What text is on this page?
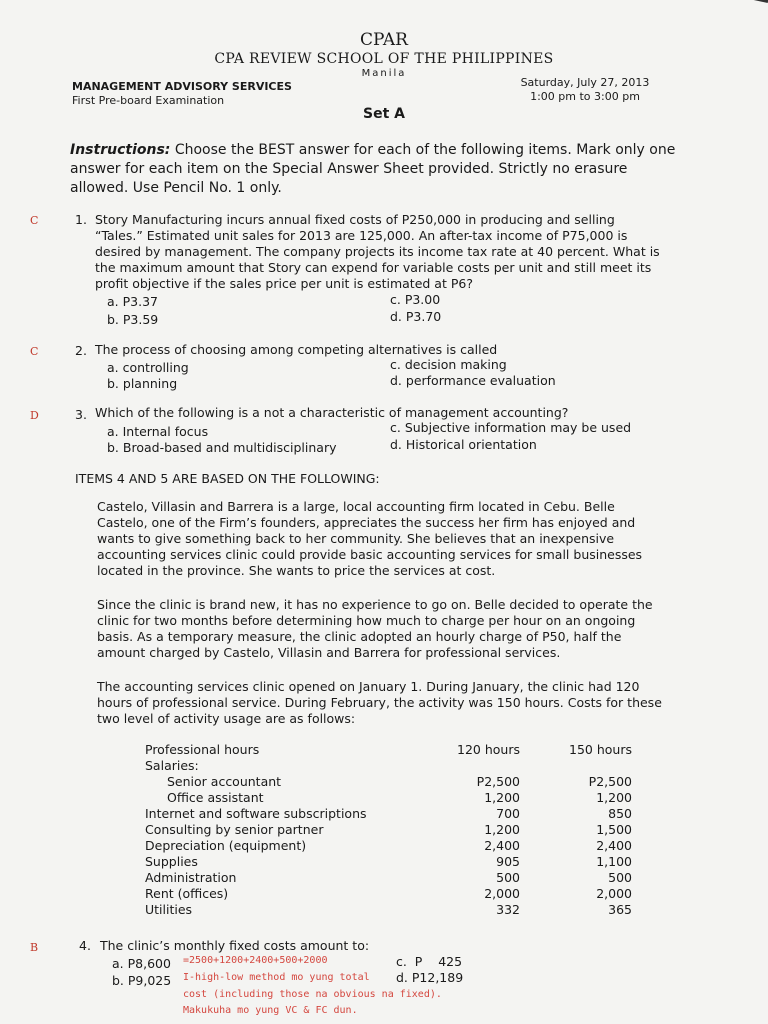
CPAR
CPA REVIEW SCHOOL OF THE PHILIPPINES
Manila
MANAGEMENT ADVISORY SERVICES
First Pre-board Examination
Saturday, July 27, 2013
1:00 pm to 3:00 pm
Set A
Instructions: Choose the BEST answer for each of the following items. Mark only one answer for each item on the Special Answer Sheet provided. Strictly no erasure allowed. Use Pencil No. 1 only.
C	1. Story Manufacturing incurs annual fixed costs of P250,000 in producing and selling “Tales.” Estimated unit sales for 2013 are 125,000. An after-tax income of P75,000 is desired by management. The company projects its income tax rate at 40 percent. What is the maximum amount that Story can expend for variable costs per unit and still meet its profit objective if the sales price per unit is estimated at P6?
a. P3.37
b. P3.59
c. P3.00
d. P3.70
C	2. The process of choosing among competing alternatives is called
a. controlling
b. planning
c. decision making
d. performance evaluation
D	3. Which of the following is a not a characteristic of management accounting?
a. Internal focus
b. Broad-based and multidisciplinary
c. Subjective information may be used
d. Historical orientation
ITEMS 4 AND 5 ARE BASED ON THE FOLLOWING:
Castelo, Villasin and Barrera is a large, local accounting firm located in Cebu. Belle Castelo, one of the Firm’s founders, appreciates the success her firm has enjoyed and wants to give something back to her community. She believes that an inexpensive accounting services clinic could provide basic accounting services for small businesses located in the province. She wants to price the services at cost.
Since the clinic is brand new, it has no experience to go on. Belle decided to operate the clinic for two months before determining how much to charge per hour on an ongoing basis. As a temporary measure, the clinic adopted an hourly charge of P50, half the amount charged by Castelo, Villasin and Barrera for professional services.
The accounting services clinic opened on January 1. During January, the clinic had 120 hours of professional service. During February, the activity was 150 hours. Costs for these two level of activity usage are as follows:
Professional hours	120 hours	150 hours
Salaries:		
Senior accountant	P2,500	P2,500
Office assistant	1,200	1,200
Internet and software subscriptions	700	850
Consulting by senior partner	1,200	1,500
Depreciation (equipment)	2,400	2,400
Supplies	905	1,100
Administration	500	500
Rent (offices)	2,000	2,000
Utilities	332	365
B	4. The clinic’s monthly fixed costs amount to:
a. P8,600 =2500+1200+2400+500+2000
b. P9,025 I-high-low method mo yung total
cost (including those na obvious na fixed).
Makukuha mo yung VC & FC dun.
c.  P    425
d. P12,189
